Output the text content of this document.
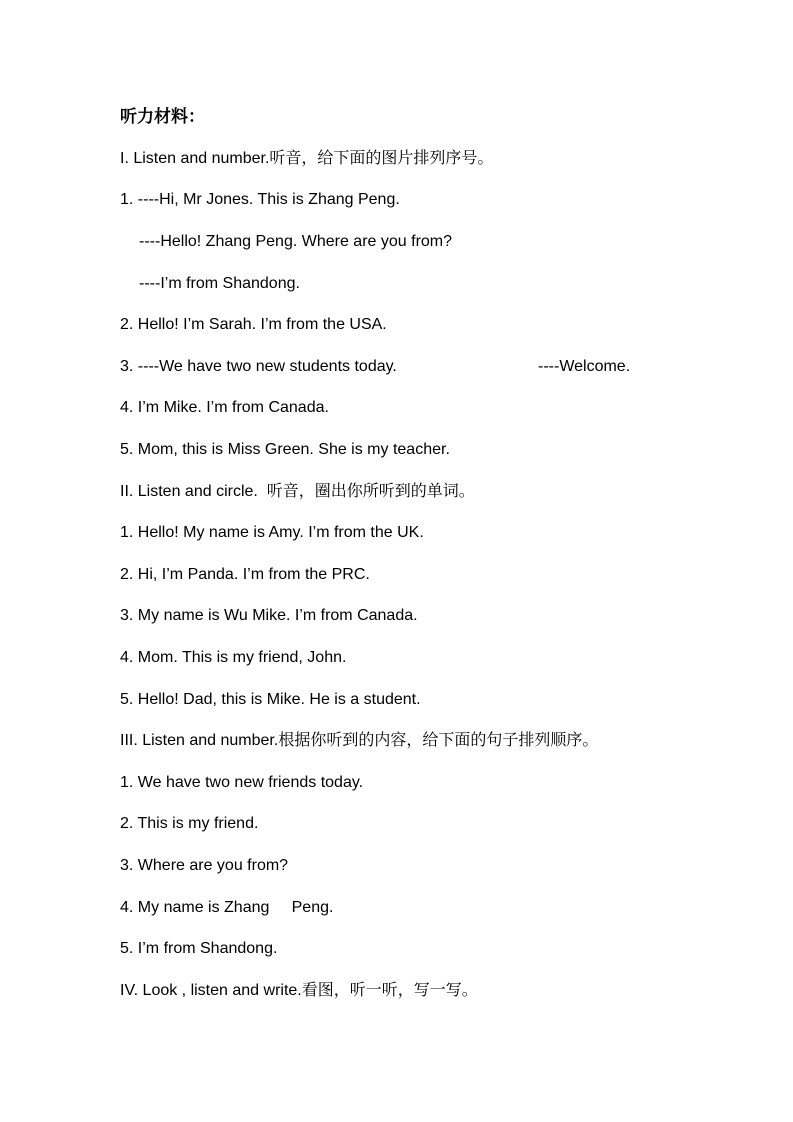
听力材料：
I. Listen and number.听音，给下面的图片排列序号。
1. ----Hi, Mr Jones. This is Zhang Peng.
----Hello! Zhang Peng. Where are you from?
----I’m from Shandong.
2. Hello! I’m Sarah. I’m from the USA.
3. ----We have two new students today.	----Welcome.
4. I’m Mike. I’m from Canada.
5. Mom, this is Miss Green. She is my teacher.
II. Listen and circle.  听音，圈出你所听到的单词。
1. Hello! My name is Amy. I’m from the UK.
2. Hi, I’m Panda. I’m from the PRC.
3. My name is Wu Mike. I’m from Canada.
4. Mom. This is my friend, John.
5. Hello! Dad, this is Mike. He is a student.
III. Listen and number.根据你听到的内容，给下面的句子排列顺序。
1. We have two new friends today.
2. This is my friend.
3. Where are you from?
4. My name is Zhang     Peng.
5. I’m from Shandong.
IV. Look , listen and write.看图，听一听，写一写。
